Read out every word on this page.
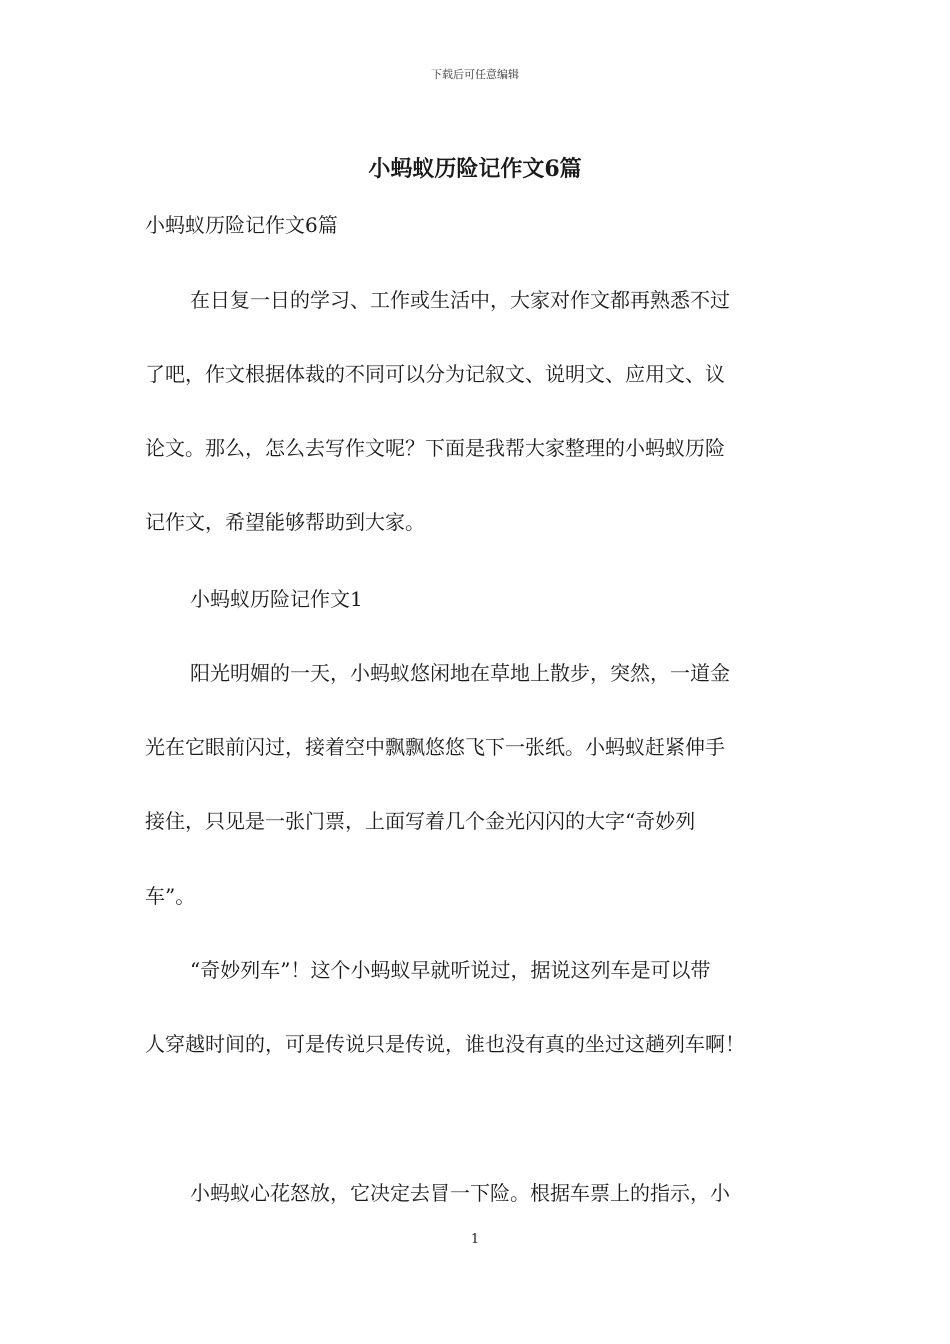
下载后可任意编辑
小蚂蚁历险记作文6篇
小蚂蚁历险记作文6篇
在日复一日的学习、工作或生活中，大家对作文都再熟悉不过
了吧，作文根据体裁的不同可以分为记叙文、说明文、应用文、议
论文。那么，怎么去写作文呢？下面是我帮大家整理的小蚂蚁历险
记作文，希望能够帮助到大家。
小蚂蚁历险记作文1
阳光明媚的一天，小蚂蚁悠闲地在草地上散步，突然，一道金
光在它眼前闪过，接着空中飘飘悠悠飞下一张纸。小蚂蚁赶紧伸手
接住，只见是一张门票，上面写着几个金光闪闪的大字“奇妙列
车”。
“奇妙列车”！这个小蚂蚁早就听说过，据说这列车是可以带
人穿越时间的，可是传说只是传说，谁也没有真的坐过这趟列车啊！
小蚂蚁心花怒放，它决定去冒一下险。根据车票上的指示，小
1
